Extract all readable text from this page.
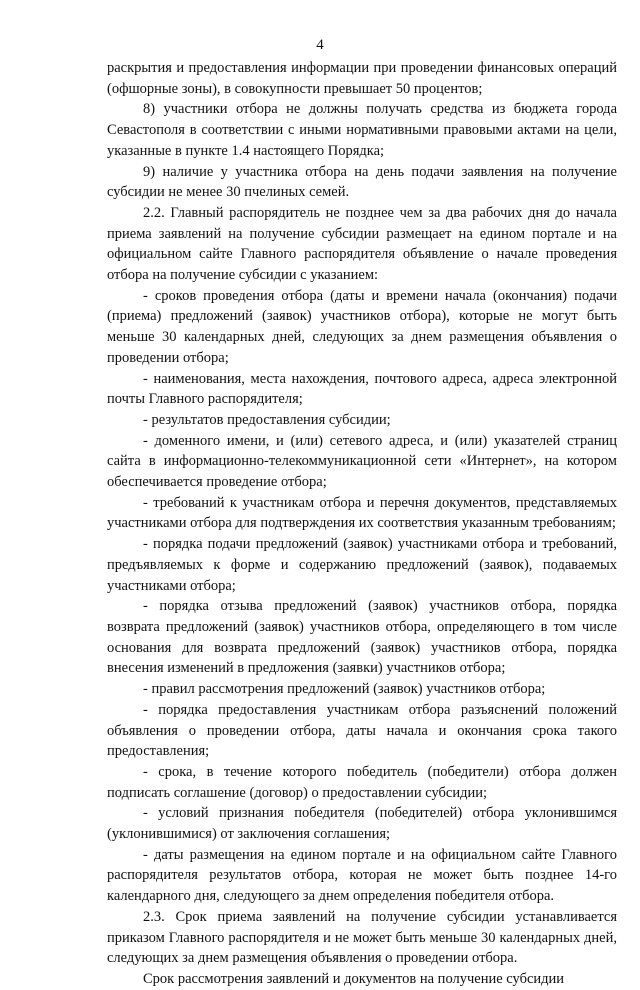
4

раскрытия и предоставления информации при проведении финансовых операций (офшорные зоны), в совокупности превышает 50 процентов;

8) участники отбора не должны получать средства из бюджета города Севастополя в соответствии с иными нормативными правовыми актами на цели, указанные в пункте 1.4 настоящего Порядка;

9) наличие у участника отбора на день подачи заявления на получение субсидии не менее 30 пчелиных семей.

2.2. Главный распорядитель не позднее чем за два рабочих дня до начала приема заявлений на получение субсидии размещает на едином портале и на официальном сайте Главного распорядителя объявление о начале проведения отбора на получение субсидии с указанием:

- сроков проведения отбора (даты и времени начала (окончания) подачи (приема) предложений (заявок) участников отбора), которые не могут быть меньше 30 календарных дней, следующих за днем размещения объявления о проведении отбора;

- наименования, места нахождения, почтового адреса, адреса электронной почты Главного распорядителя;

- результатов предоставления субсидии;

- доменного имени, и (или) сетевого адреса, и (или) указателей страниц сайта в информационно-телекоммуникационной сети «Интернет», на котором обеспечивается проведение отбора;

- требований к участникам отбора и перечня документов, представляемых участниками отбора для подтверждения их соответствия указанным требованиям;

- порядка подачи предложений (заявок) участниками отбора и требований, предъявляемых к форме и содержанию предложений (заявок), подаваемых участниками отбора;

- порядка отзыва предложений (заявок) участников отбора, порядка возврата предложений (заявок) участников отбора, определяющего в том числе основания для возврата предложений (заявок) участников отбора, порядка внесения изменений в предложения (заявки) участников отбора;

- правил рассмотрения предложений (заявок) участников отбора;

- порядка предоставления участникам отбора разъяснений положений объявления о проведении отбора, даты начала и окончания срока такого предоставления;

- срока, в течение которого победитель (победители) отбора должен подписать соглашение (договор) о предоставлении субсидии;

- условий признания победителя (победителей) отбора уклонившимся (уклонившимися) от заключения соглашения;

- даты размещения на едином портале и на официальном сайте Главного распорядителя результатов отбора, которая не может быть позднее 14-го календарного дня, следующего за днем определения победителя отбора.

2.3. Срок приема заявлений на получение субсидии устанавливается приказом Главного распорядителя и не может быть меньше 30 календарных дней, следующих за днем размещения объявления о проведении отбора.

Срок рассмотрения заявлений и документов на получение субсидии
